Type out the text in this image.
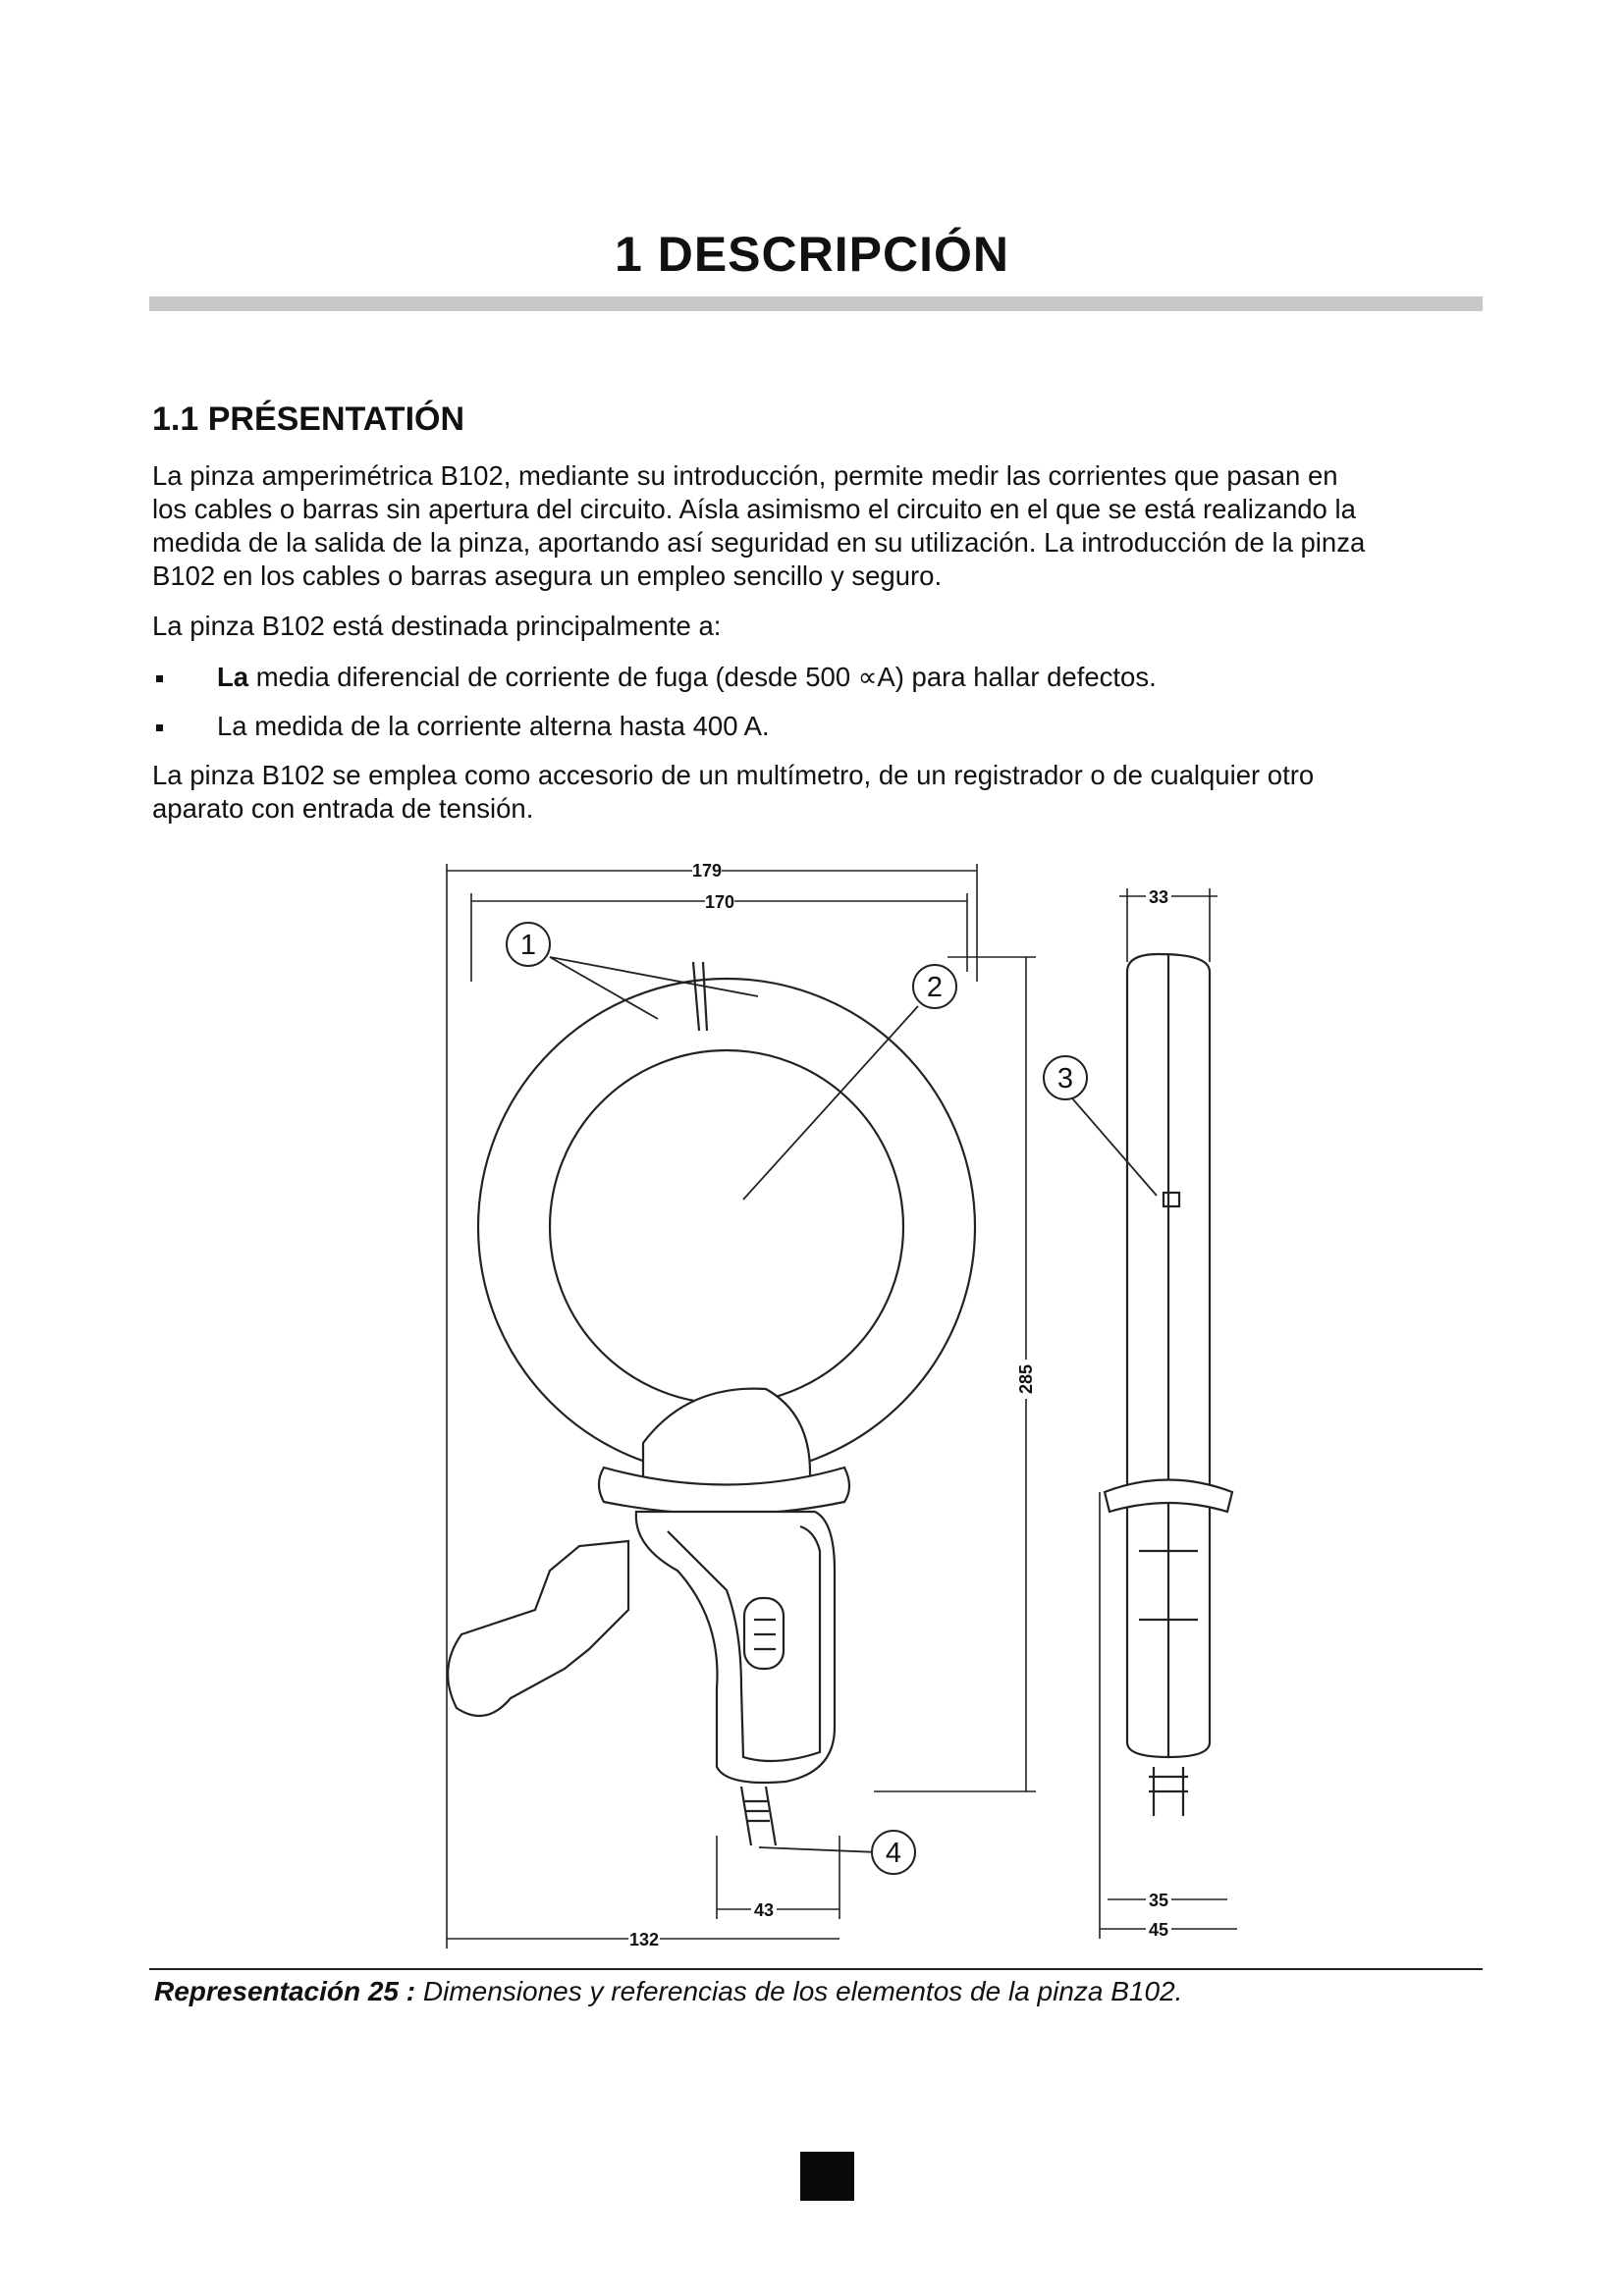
1 DESCRIPCIÓN
1.1 PRÉSENTATIÓN
La pinza amperimétrica B102, mediante su introducción, permite medir las corrientes que pasan en
los cables o barras sin apertura del circuito. Aísla asimismo el circuito en el que se está realizando la
medida de la salida de la pinza, aportando así seguridad en su utilización. La introducción de la pinza
B102 en los cables o barras asegura un empleo sencillo y seguro.
La pinza B102 está destinada principalmente a:
La media diferencial de corriente de fuga (desde 500 ∝A) para hallar defectos.
La medida de la corriente alterna hasta 400 A.
La pinza B102 se emplea como accesorio de un multímetro, de un registrador o de cualquier otro
aparato con entrada de tensión.
1
2
3
4
179
170
285
43
132
33
35
45
Representación 25 : Dimensiones y referencias de los elementos de la pinza B102.
